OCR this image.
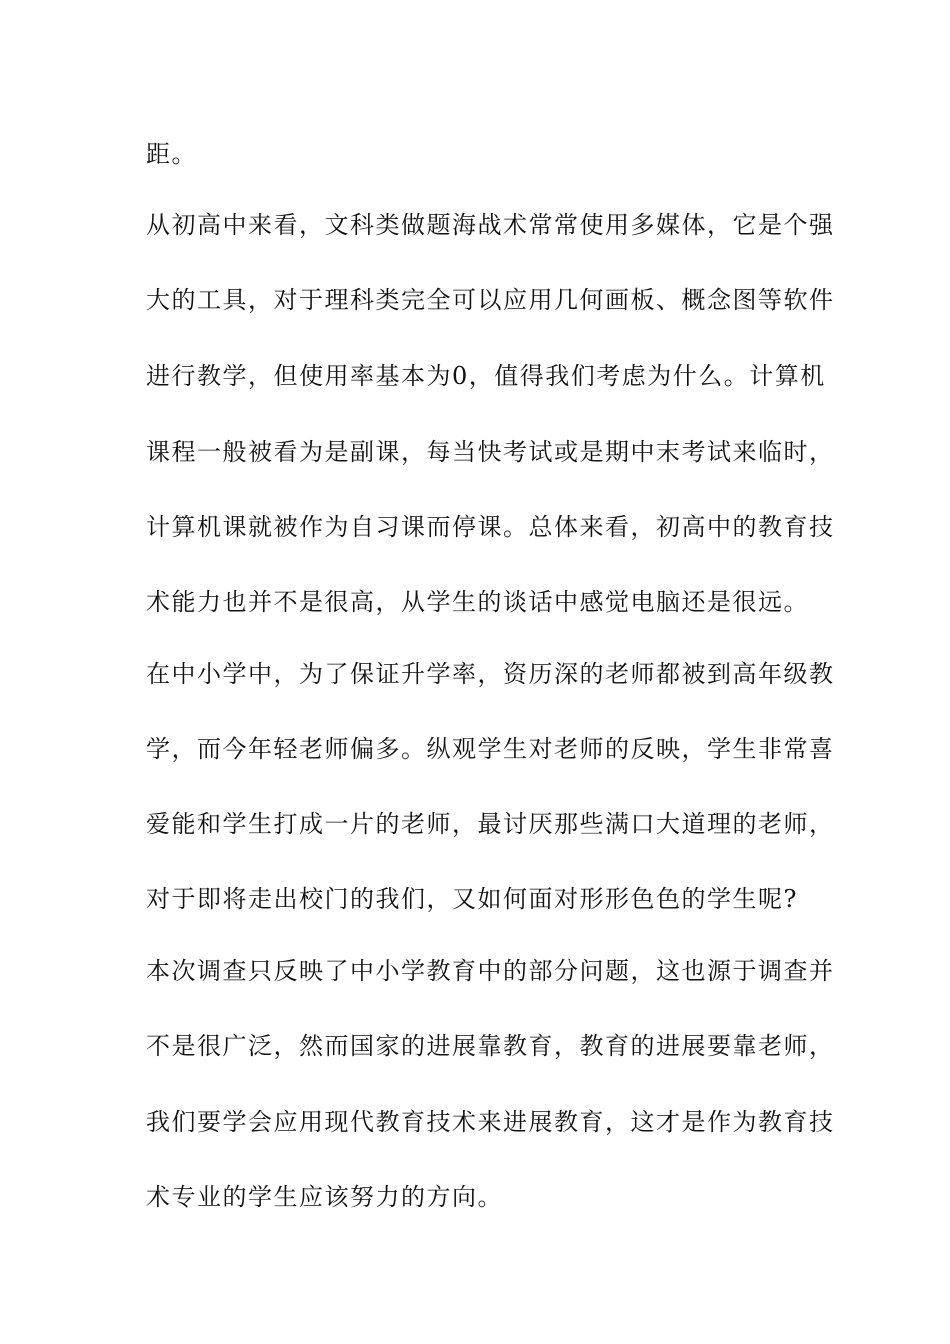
距。
从初高中来看，文科类做题海战术常常使用多媒体，它是个强
大的工具，对于理科类完全可以应用几何画板、概念图等软件
进行教学，但使用率基本为0，值得我们考虑为什么。计算机
课程一般被看为是副课，每当快考试或是期中末考试来临时，
计算机课就被作为自习课而停课。总体来看，初高中的教育技
术能力也并不是很高，从学生的谈话中感觉电脑还是很远。
在中小学中，为了保证升学率，资历深的老师都被到高年级教
学，而今年轻老师偏多。纵观学生对老师的反映，学生非常喜
爱能和学生打成一片的老师，最讨厌那些满口大道理的老师，
对于即将走出校门的我们，又如何面对形形色色的学生呢?
本次调查只反映了中小学教育中的部分问题，这也源于调查并
不是很广泛，然而国家的进展靠教育，教育的进展要靠老师，
我们要学会应用现代教育技术来进展教育，这才是作为教育技
术专业的学生应该努力的方向。
